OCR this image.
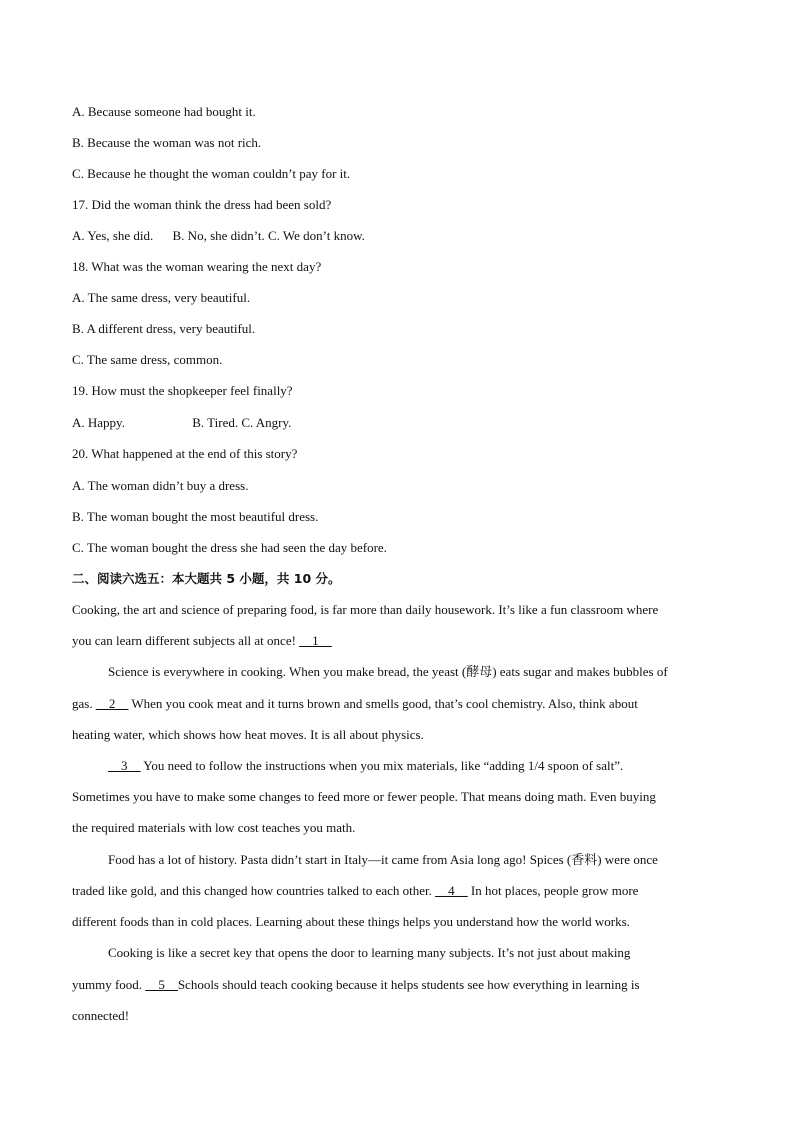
A. Because someone had bought it.
B. Because the woman was not rich.
C. Because he thought the woman couldn’t pay for it.
17. Did the woman think the dress had been sold?
A. Yes, she did. B. No, she didn’t. C. We don’t know.
18. What was the woman wearing the next day?
A. The same dress, very beautiful.
B. A different dress, very beautiful.
C. The same dress, common.
19. How must the shopkeeper feel finally?
A. Happy.	B. Tired. C. Angry.
20. What happened at the end of this story?
A. The woman didn’t buy a dress.
B. The woman bought the most beautiful dress.
C. The woman bought the dress she had seen the day before.
二、阅读六选五：本大题共 5 小题，共 10 分。
Cooking, the art and science of preparing food, is far more than daily housework. It’s like a fun classroom where
you can learn different subjects all at once! __1__
Science is everywhere in cooking. When you make bread, the yeast (酵母) eats sugar and makes bubbles of
gas. __2__ When you cook meat and it turns brown and smells good, that’s cool chemistry. Also, think about
heating water, which shows how heat moves. It is all about physics.
__3__ You need to follow the instructions when you mix materials, like “adding 1/4 spoon of salt”.
Sometimes you have to make some changes to feed more or fewer people. That means doing math. Even buying
the required materials with low cost teaches you math.
Food has a lot of history. Pasta didn’t start in Italy—it came from Asia long ago! Spices (香料) were once
traded like gold, and this changed how countries talked to each other. __4__ In hot places, people grow more
different foods than in cold places. Learning about these things helps you understand how the world works.
Cooking is like a secret key that opens the door to learning many subjects. It’s not just about making
yummy food. __5__Schools should teach cooking because it helps students see how everything in learning is
connected!
